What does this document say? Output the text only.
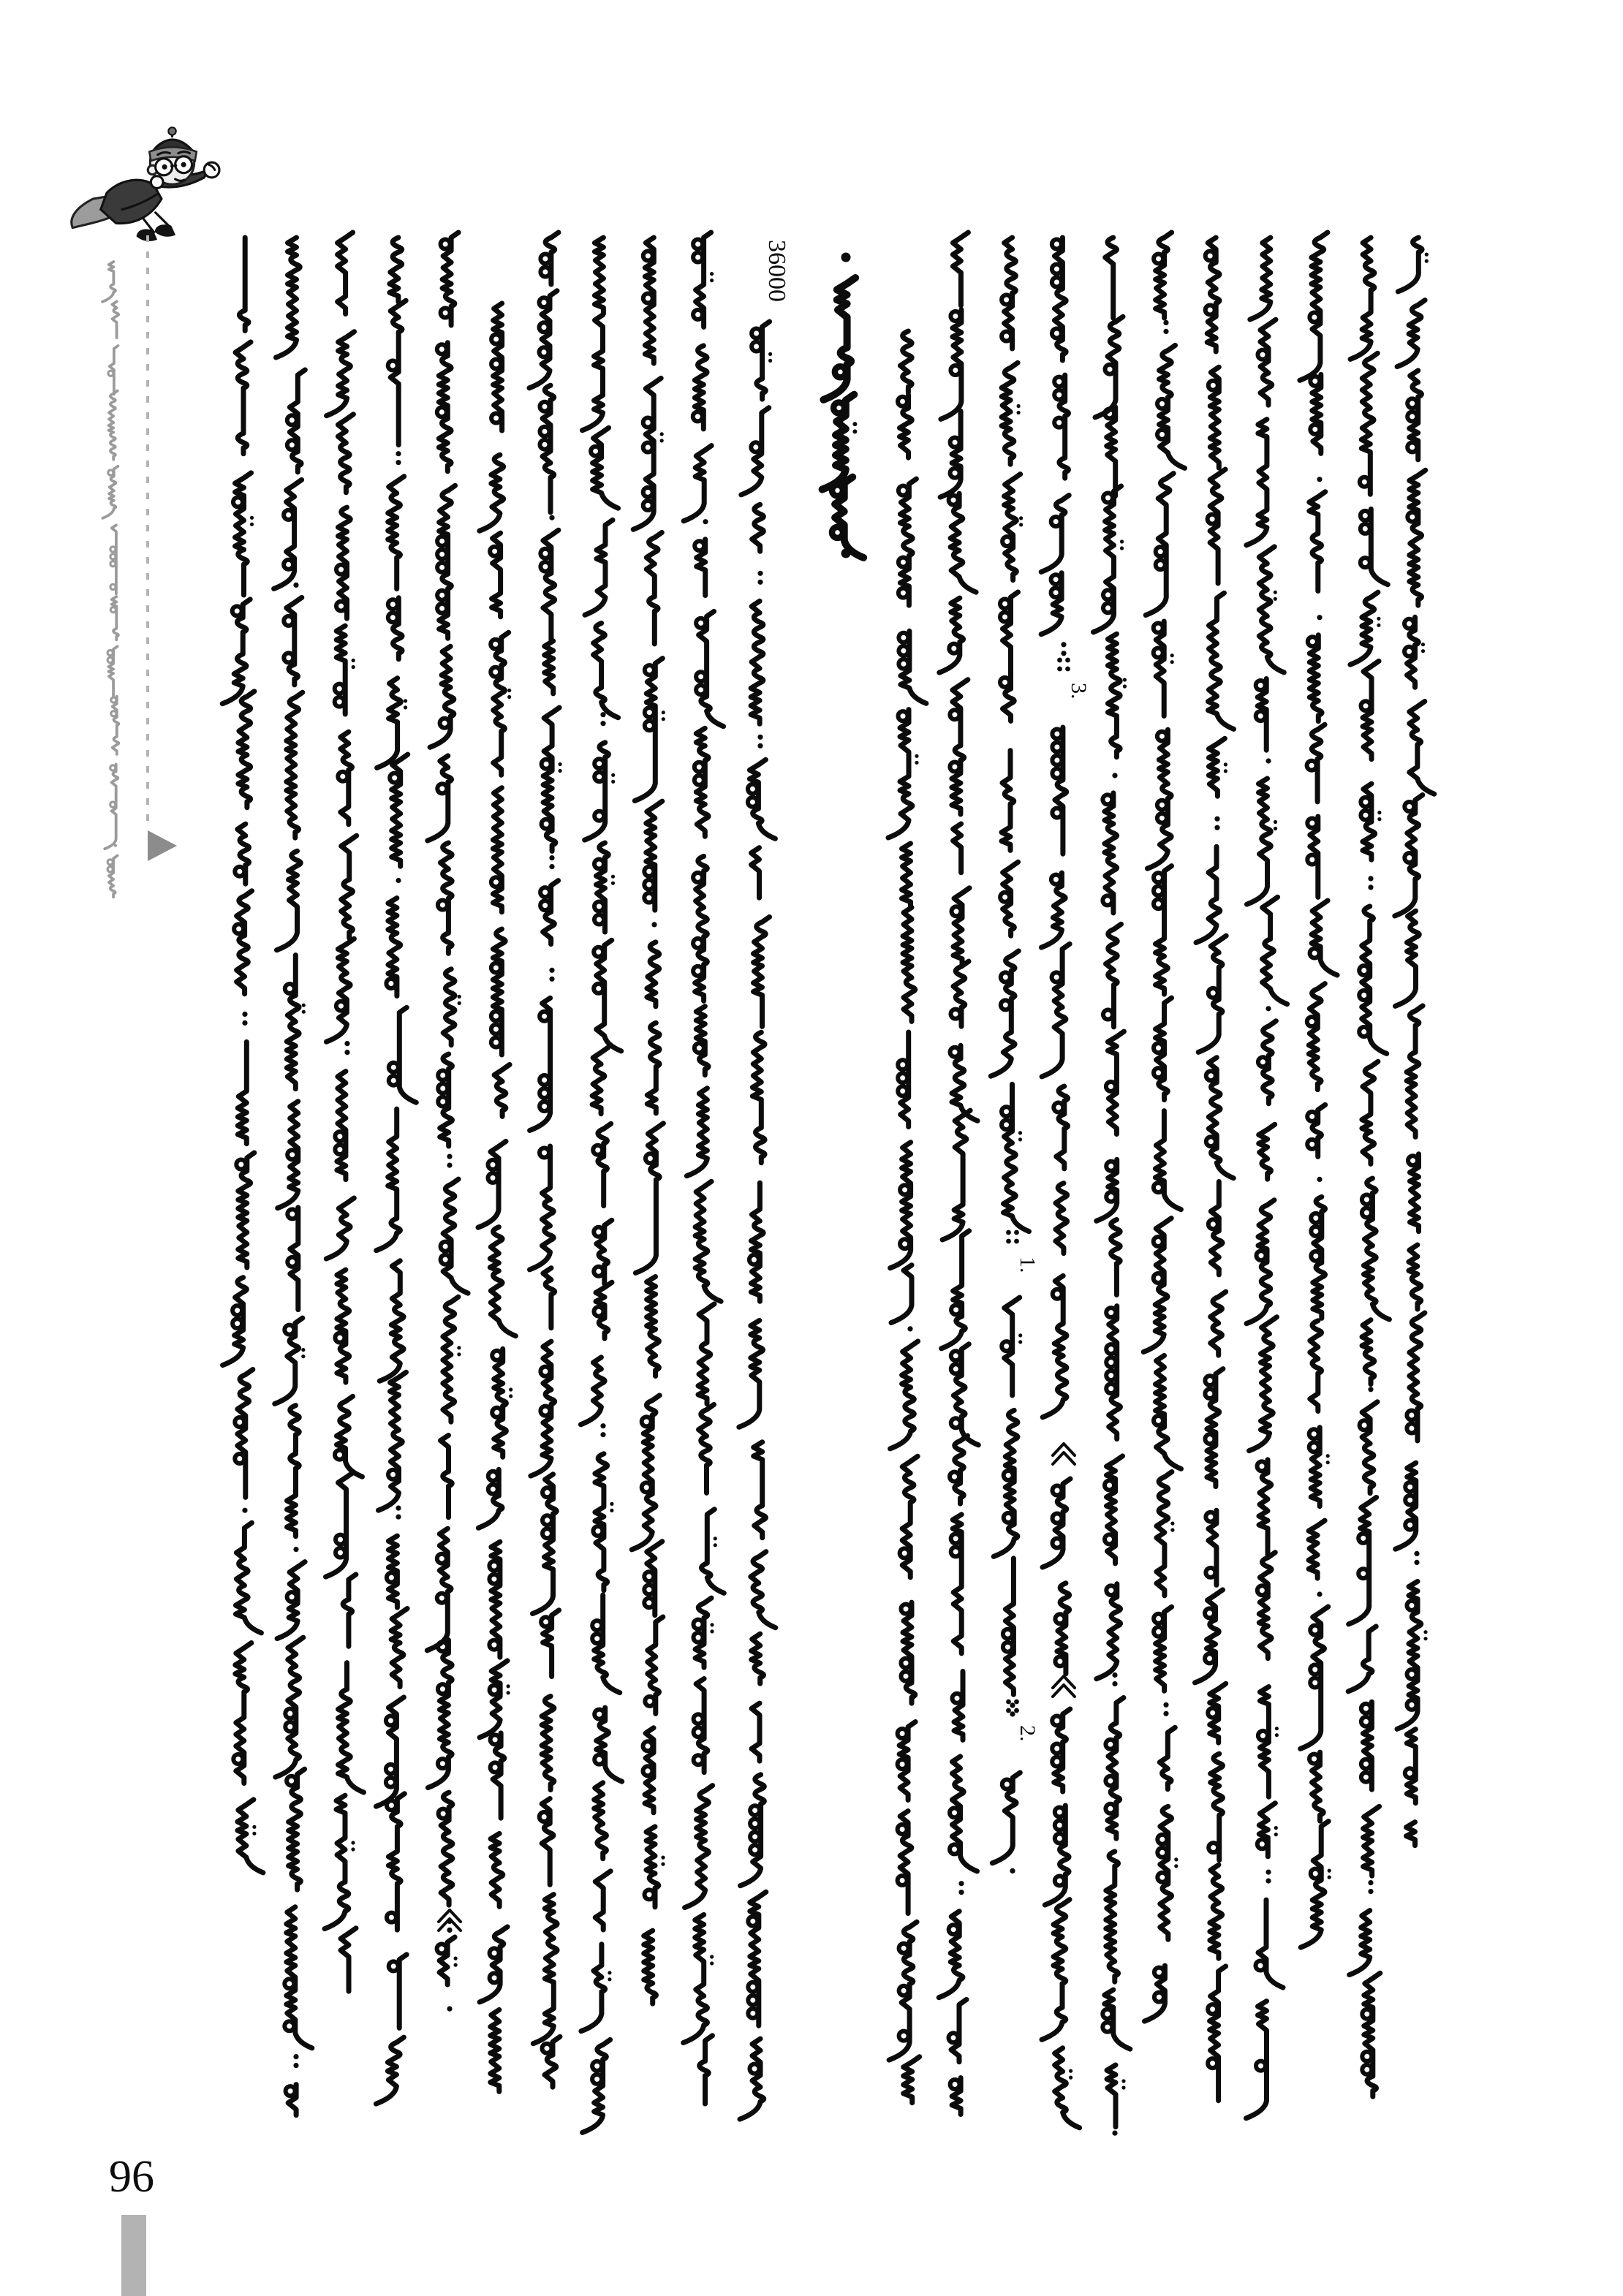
36000
3.
1.
2.
96
